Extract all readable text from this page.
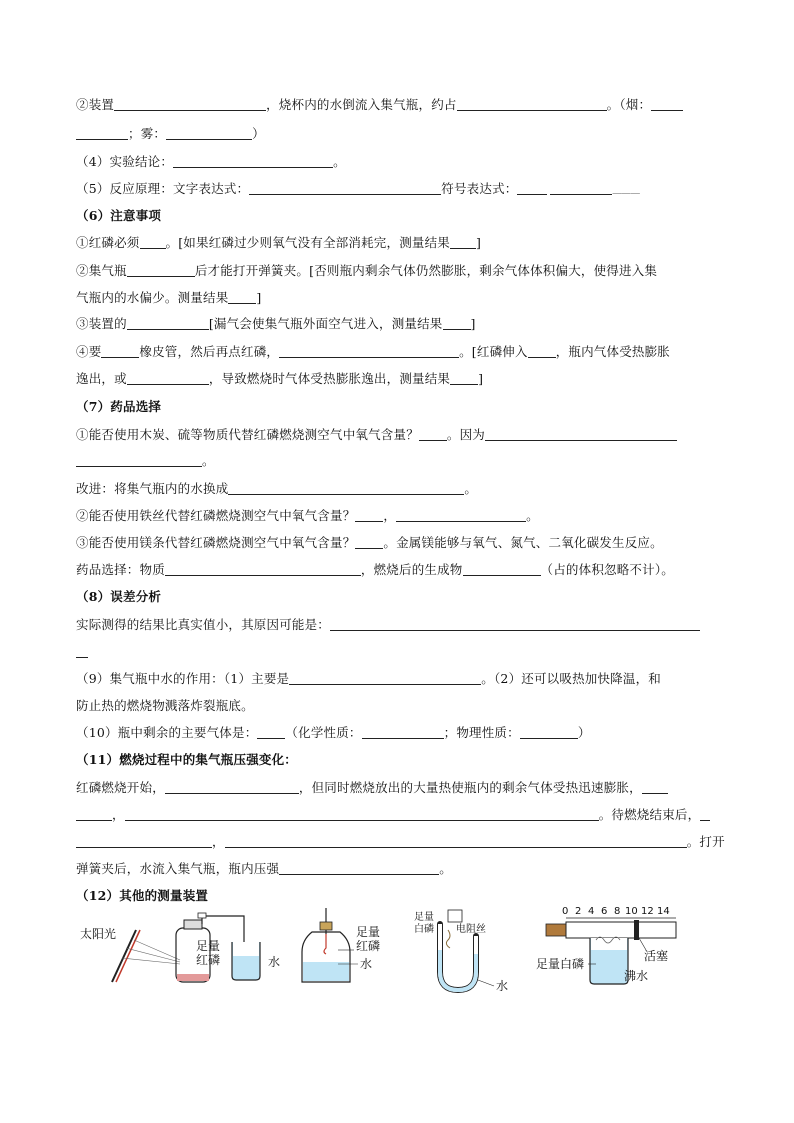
②装置	，烧杯内的水倒流入集气瓶，约占	。（烟：
；雾：	）
（4）实验结论：	。
（5）反应原理：文字表达式：	符号表达式：	＿＿＿
（6）注意事项
①红磷必须 。[如果红磷过少则氧气没有全部消耗完，测量结果 ]
②集气瓶	后才能打开弹簧夹。[否则瓶内剩余气体仍然膨胀，剩余气体体积偏大，使得进入集
气瓶内的水偏少。测量结果 ]
③装置的	[漏气会使集气瓶外面空气进入，测量结果 ]
④要	橡皮管，然后再点红磷，	。[红磷伸入 ，瓶内气体受热膨胀
逸出，或	，导致燃烧时气体受热膨胀逸出，测量结果 ]
（7）药品选择
①能否使用木炭、硫等物质代替红磷燃烧测空气中氧气含量？ 。因为
。
改进：将集气瓶内的水换成	。
②能否使用铁丝代替红磷燃烧测空气中氧气含量？ ，	。
③能否使用镁条代替红磷燃烧测空气中氧气含量？ 。金属镁能够与氧气、氮气、二氧化碳发生反应。
药品选择：物质	，燃烧后的生成物	（占的体积忽略不计）。
（8）误差分析
实际测得的结果比真实值小，其原因可能是：
（9）集气瓶中水的作用：（1）主要是	。（2）还可以吸热加快降温，和
防止热的燃烧物溅落炸裂瓶底。
（10）瓶中剩余的主要气体是： （化学性质：	；物理性质：	）
（11）燃烧过程中的集气瓶压强变化：
红磷燃烧开始，	，但同时燃烧放出的大量热使瓶内的剩余气体受热迅速膨胀，
，	。待燃烧结束后，
，	。打开
弹簧夹后，水流入集气瓶，瓶内压强	。
（12）其他的测量装置
太阳光
足量
红磷	水
足量
红磷
水
足量
白磷 电阻丝
水
0 2 4 6 8 10 12 14
活塞
足量白磷
沸水
